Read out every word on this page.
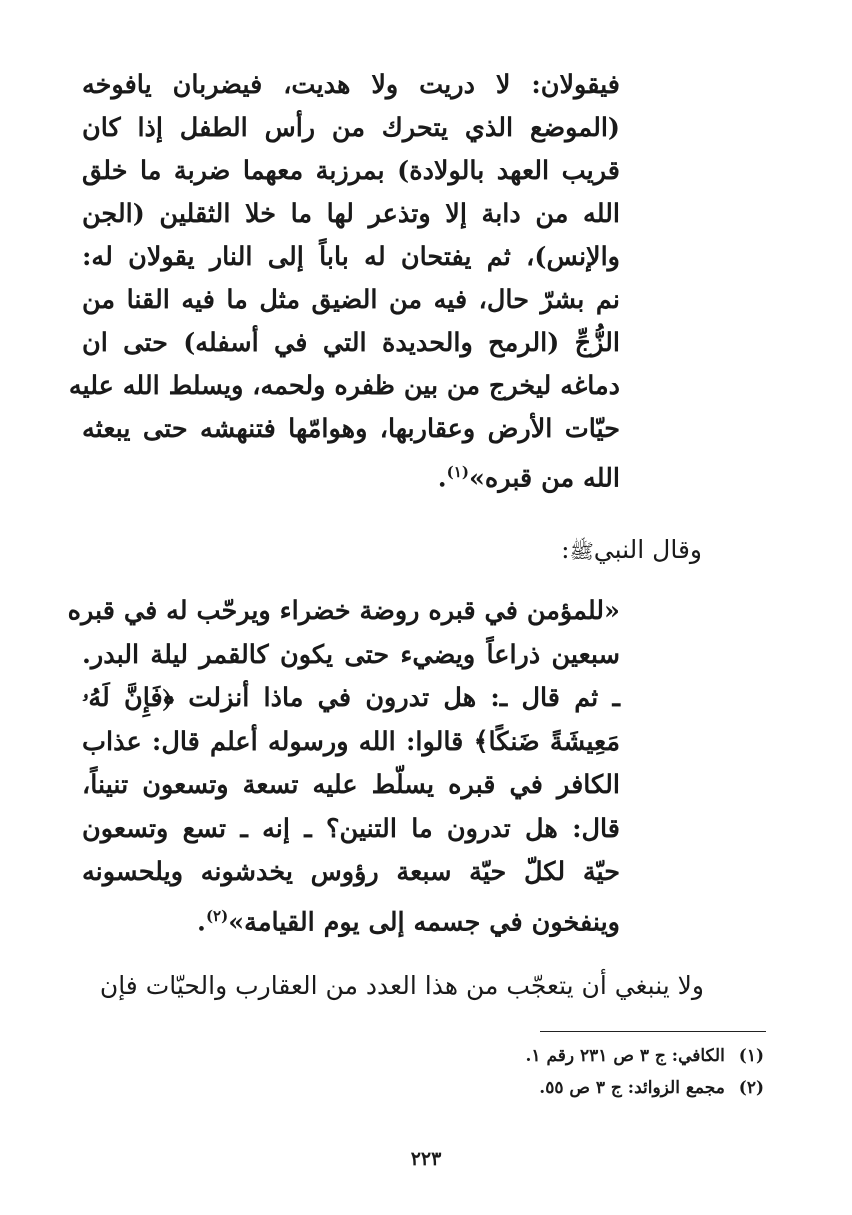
فيقولان: لا دريت ولا هديت، فيضربان يافوخه
(الموضع الذي يتحرك من رأس الطفل إذا كان
قريب العهد بالولادة) بمرزبة معهما ضربة ما خلق
الله من دابة إلا وتذعر لها ما خلا الثقلين (الجن
والإنس)، ثم يفتحان له باباً إلى النار يقولان له:
نم بشرّ حال، فيه من الضيق مثل ما فيه القنا من
الزُّجِّ (الرمح والحديدة التي في أسفله) حتى ان
دماغه ليخرج من بين ظفره ولحمه، ويسلط الله عليه
حيّات الأرض وعقاربها، وهوامّها فتنهشه حتى يبعثه
الله من قبره»$^{(١)}$.
وقال النبيﷺ:
«للمؤمن في قبره روضة خضراء ويرحّب له في قبره
سبعين ذراعاً ويضيء حتى يكون كالقمر ليلة البدر.
ـ ثم قال ـ: هل تدرون في ماذا أنزلت ﴿فَإِنَّ لَهُۥ
مَعِيشَةً ضَنكًا﴾ قالوا: الله ورسوله أعلم قال: عذاب
الكافر في قبره يسلّط عليه تسعة وتسعون تنيناً،
قال: هل تدرون ما التنين؟ ـ إنه ـ تسع وتسعون
حيّة لكلّ حيّة سبعة رؤوس يخدشونه ويلحسونه
وينفخون في جسمه إلى يوم القيامة»$^{(٢)}$.
ولا ينبغي أن يتعجّب من هذا العدد من العقارب والحيّات فإن
(١) الكافي: ج ٣ ص ٢٣١ رقم ١.
(٢) مجمع الزوائد: ج ٣ ص ٥٥.
٢٢٣
